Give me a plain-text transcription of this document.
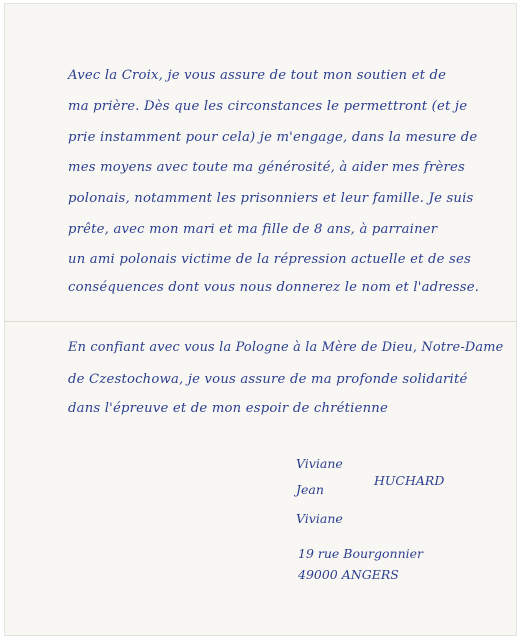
Avec la Croix, je vous assure de tout mon soutien et de
ma prière. Dès que les circonstances le permettront (et je
prie instamment pour cela) je m'engage, dans la mesure de
mes moyens avec toute ma générosité, à aider mes frères
polonais, notamment les prisonniers et leur famille. Je suis
prête, avec mon mari et ma fille de 8 ans, à parrainer
un ami polonais victime de la répression actuelle et de ses
conséquences dont vous nous donnerez le nom et l'adresse.
En confiant avec vous la Pologne à la Mère de Dieu, Notre-Dame
de Czestochowa, je vous assure de ma profonde solidarité
dans l'épreuve et de mon espoir de chrétienne
Viviane
HUCHARD
Jean
Viviane
19 rue Bourgonnier
49000 ANGERS
